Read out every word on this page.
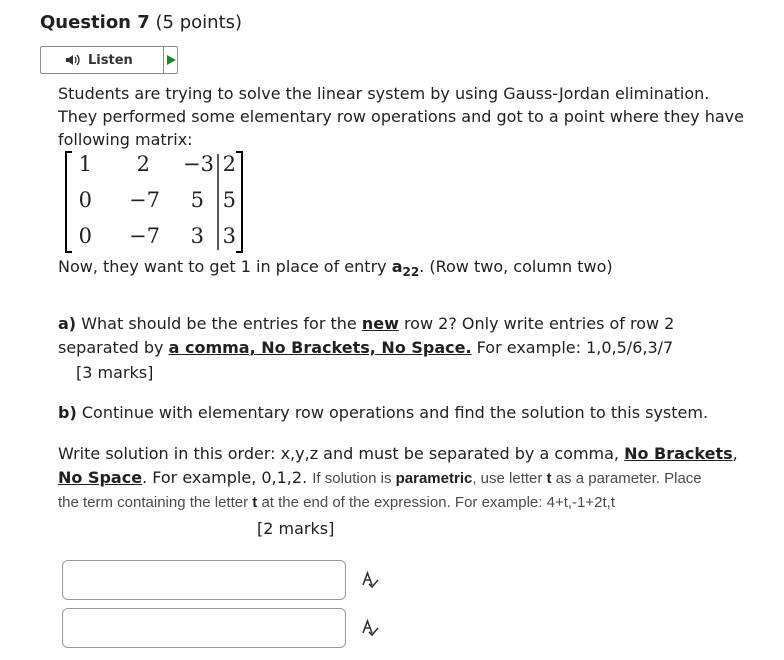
Question 7 (5 points)
Listen
Students are trying to solve the linear system by using Gauss-Jordan elimination.
They performed some elementary row operations and got to a point where they have
following matrix:
1	2	−3 2
0	−7	5 5
0	−7	3 3
Now, they want to get 1 in place of entry $a_{22}$. (Row two, column two)
a) What should be the entries for the new row 2? Only write entries of row 2
separated by a comma, No Brackets, No Space. For example: 1,0,5/6,3/7
[3 marks]
b) Continue with elementary row operations and find the solution to this system.
Write solution in this order: x,y,z and must be separated by a comma, No Brackets,
No Space. For example, 0,1,2. If solution is parametric, use letter t as a parameter. Place
the term containing the letter t at the end of the expression. For example: 4+t,-1+2t,t
[2 marks]
